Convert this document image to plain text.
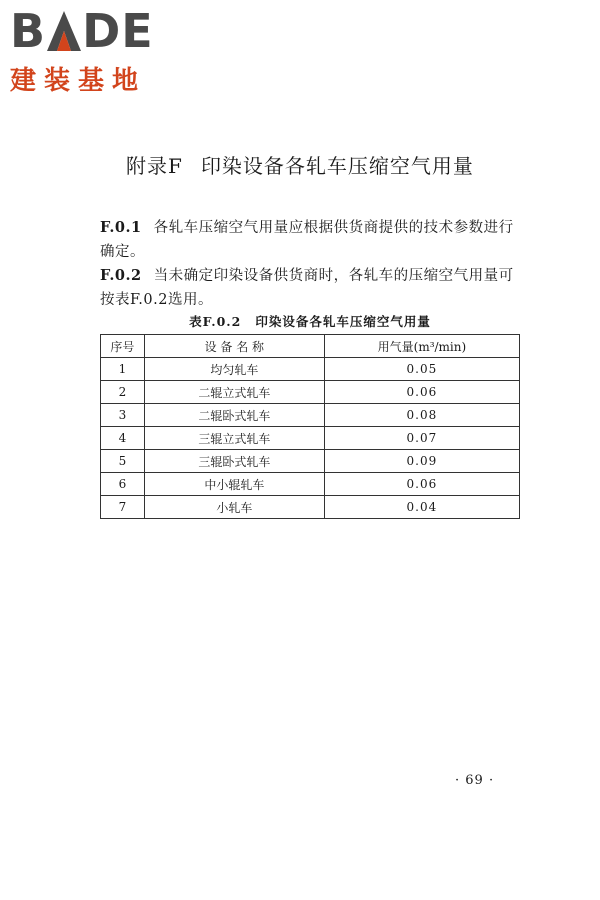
B DE
建装基地
附录F 印染设备各轧车压缩空气用量
F.0.1 各轧车压缩空气用量应根据供货商提供的技术参数进行确定。
F.0.2 当未确定印染设备供货商时，各轧车的压缩空气用量可按表F.0.2选用。
表F.0.2 印染设备各轧车压缩空气用量
序号	设 备 名 称	用气量(m³/min)
1	均匀轧车	0.05
2	二辊立式轧车	0.06
3	二辊卧式轧车	0.08
4	三辊立式轧车	0.07
5	三辊卧式轧车	0.09
6	中小辊轧车	0.06
7	小轧车	0.04
· 69 ·
